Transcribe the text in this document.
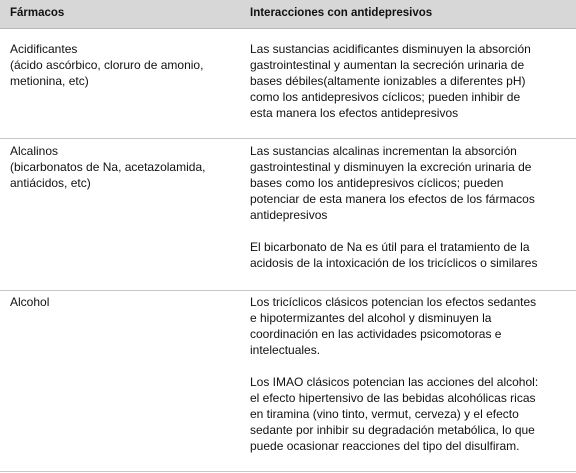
Fármacos	Interacciones con antidepresivos
Acidificantes
(ácido ascórbico, cloruro de amonio,
metionina, etc)
Las sustancias acidificantes disminuyen la absorción
gastrointestinal y aumentan la secreción urinaria de
bases débiles(altamente ionizables a diferentes pH)
como los antidepresivos cíclicos; pueden inhibir de
esta manera los efectos antidepresivos
Alcalinos
(bicarbonatos de Na, acetazolamida,
antiácidos, etc)
Las sustancias alcalinas incrementan la absorción
gastrointestinal y disminuyen la excreción urinaria de
bases como los antidepresivos cíclicos; pueden
potenciar de esta manera los efectos de los fármacos
antidepresivos
El bicarbonato de Na es útil para el tratamiento de la
acidosis de la intoxicación de los tricíclicos o similares
Alcohol	Los tricíclicos clásicos potencian los efectos sedantes
e hipotermizantes del alcohol y disminuyen la
coordinación en las actividades psicomotoras e
intelectuales.
Los IMAO clásicos potencian las acciones del alcohol:
el efecto hipertensivo de las bebidas alcohólicas ricas
en tiramina (vino tinto, vermut, cerveza) y el efecto
sedante por inhibir su degradación metabólica, lo que
puede ocasionar reacciones del tipo del disulfiram.
